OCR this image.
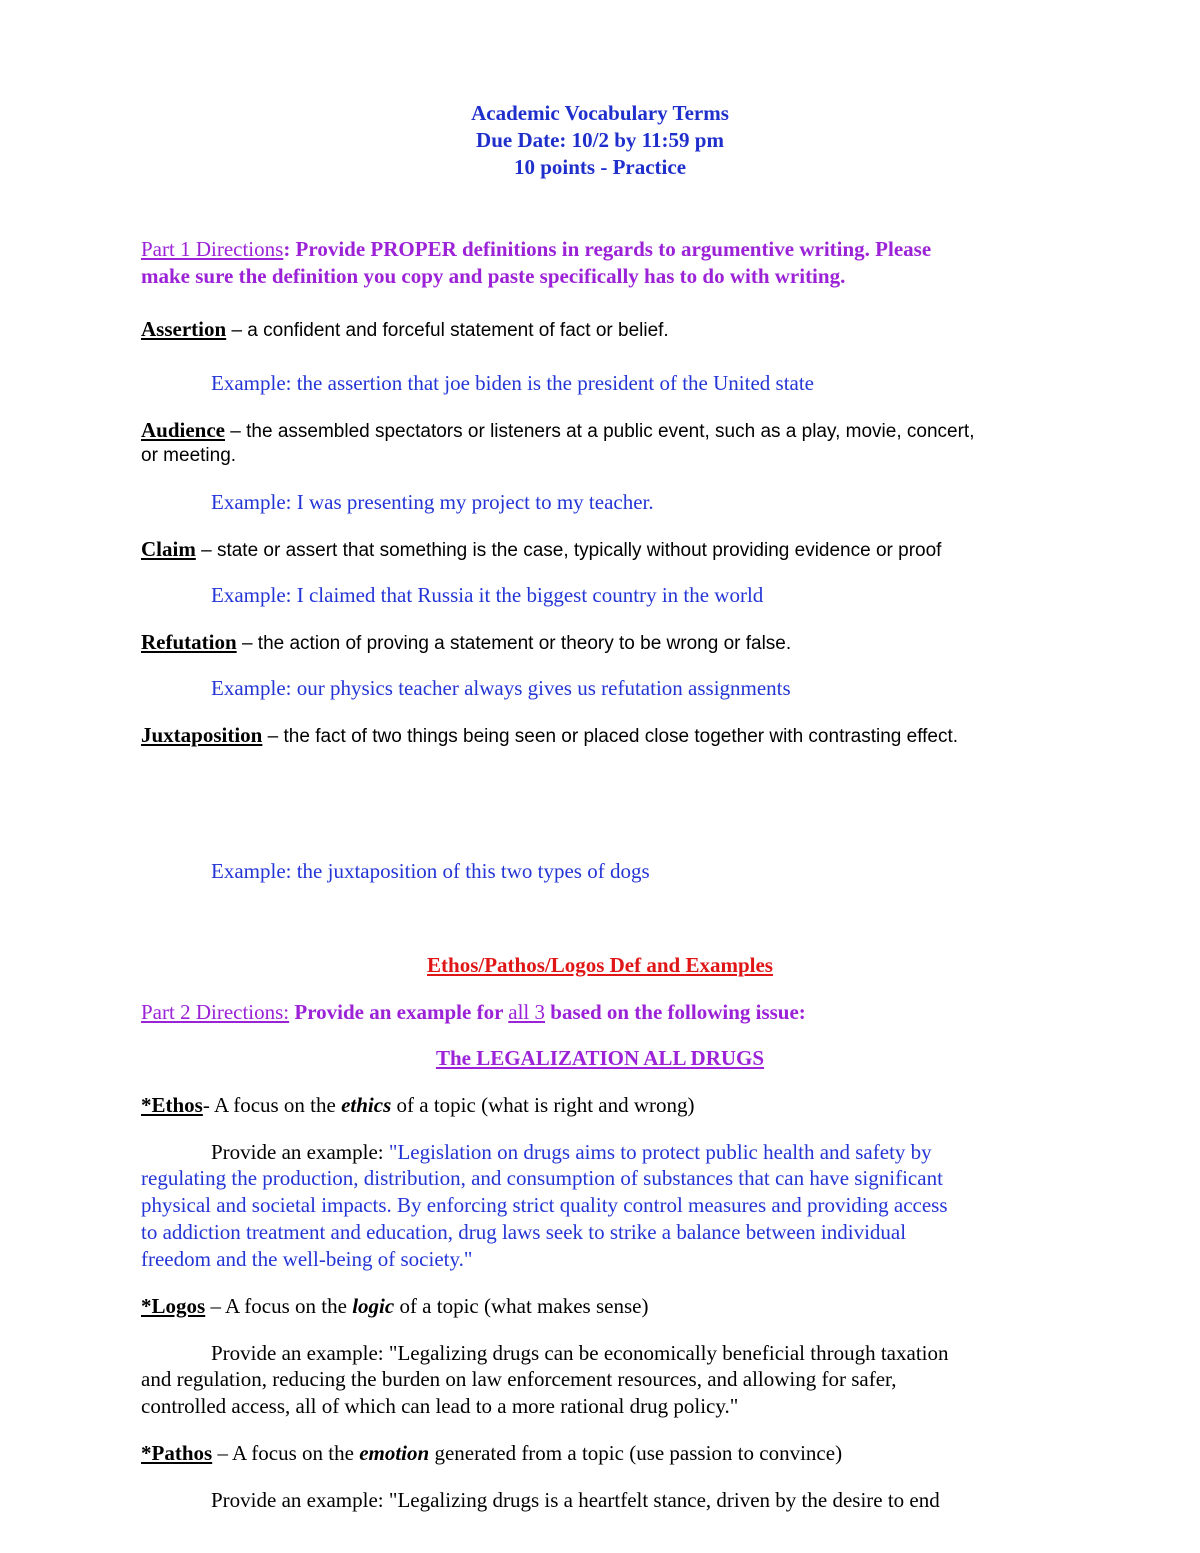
Academic Vocabulary Terms

Due Date: 10/2 by 11:59 pm

10 points - Practice

Part 1 Directions: Provide PROPER definitions in regards to argumentive writing. Please

make sure the definition you copy and paste specifically has to do with writing.

Assertion – a confident and forceful statement of fact or belief.

Example: the assertion that joe biden is the president of the United state

Audience – the assembled spectators or listeners at a public event, such as a play, movie, concert,

or meeting.

Example: I was presenting my project to my teacher.

Claim – state or assert that something is the case, typically without providing evidence or proof

Example: I claimed that Russia it the biggest country in the world

Refutation – the action of proving a statement or theory to be wrong or false.

Example: our physics teacher always gives us refutation assignments

Juxtaposition – the fact of two things being seen or placed close together with contrasting effect.

Example: the juxtaposition of this two types of dogs

Ethos/Pathos/Logos Def and Examples

Part 2 Directions: Provide an example for all 3 based on the following issue:

The LEGALIZATION ALL DRUGS

*Ethos- A focus on the ethics of a topic (what is right and wrong)

Provide an example: "Legislation on drugs aims to protect public health and safety by

regulating the production, distribution, and consumption of substances that can have significant

physical and societal impacts. By enforcing strict quality control measures and providing access

to addiction treatment and education, drug laws seek to strike a balance between individual

freedom and the well-being of society."

*Logos – A focus on the logic of a topic (what makes sense)

Provide an example: "Legalizing drugs can be economically beneficial through taxation

and regulation, reducing the burden on law enforcement resources, and allowing for safer,

controlled access, all of which can lead to a more rational drug policy."

*Pathos – A focus on the emotion generated from a topic (use passion to convince)

Provide an example: "Legalizing drugs is a heartfelt stance, driven by the desire to end
